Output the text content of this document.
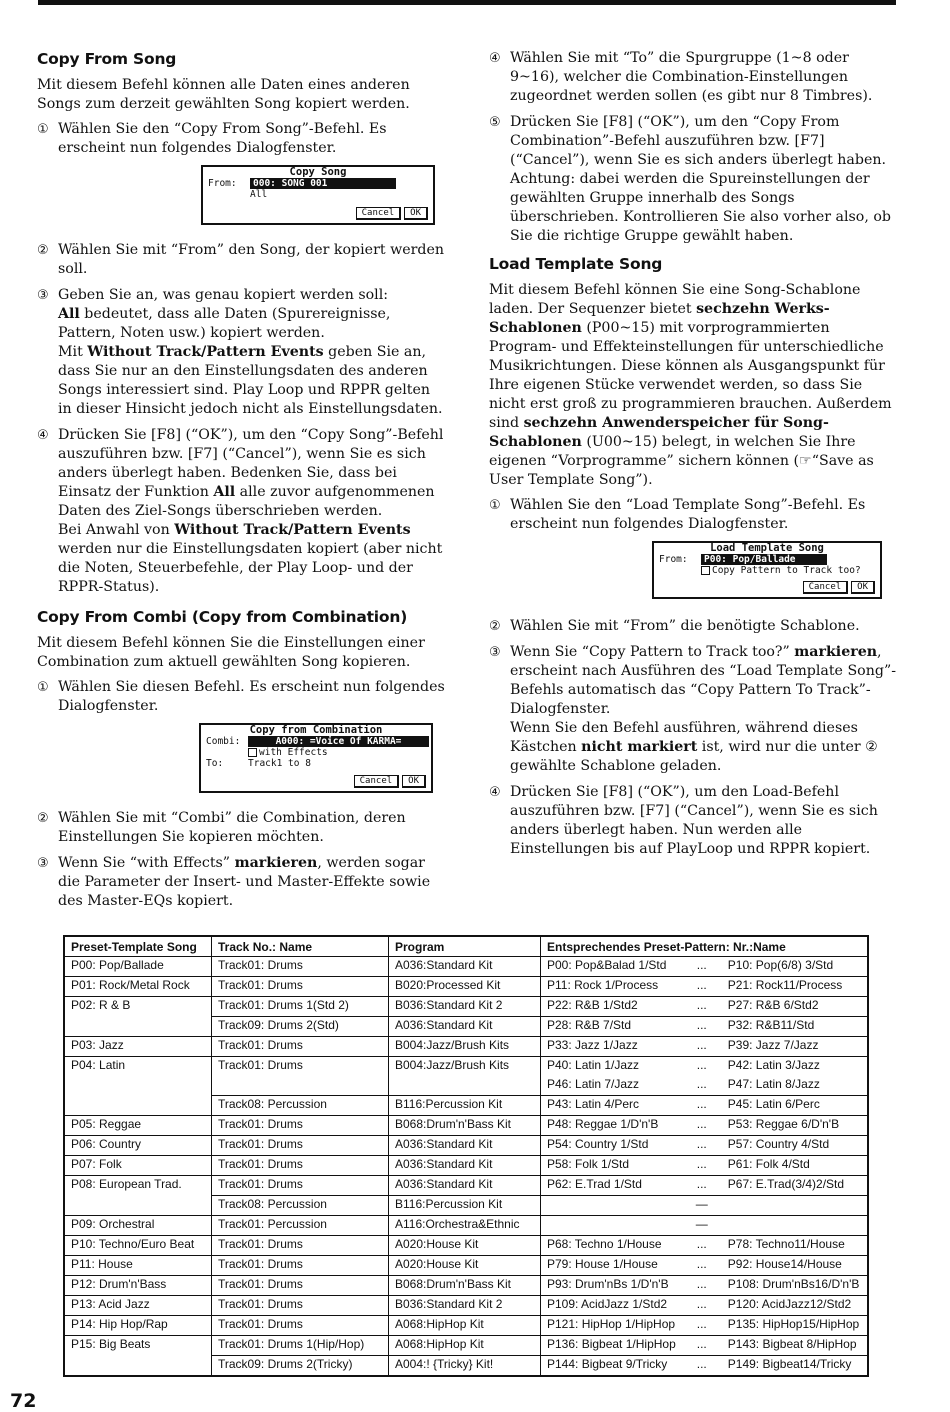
Copy From Song

Mit diesem Befehl können alle Daten eines anderen Songs zum derzeit gewählten Song kopiert werden.

① Wählen Sie den “Copy From Song”-Befehl. Es erscheint nun folgendes Dialogfenster.
Copy Song
From:	000: SONG 001
All
Cancel	OK
② Wählen Sie mit “From” den Song, der kopiert werden soll.
③ Geben Sie an, was genau kopiert werden soll:
All bedeutet, dass alle Daten (Spurereignisse, Pattern, Noten usw.) kopiert werden.
Mit Without Track/Pattern Events geben Sie an, dass Sie nur an den Einstellungsdaten des anderen Songs interessiert sind. Play Loop und RPPR gelten in dieser Hinsicht jedoch nicht als Einstellungsdaten.
④ Drücken Sie [F8] (“OK”), um den “Copy Song”-Befehl auszuführen bzw. [F7] (“Cancel”), wenn Sie es sich anders überlegt haben. Bedenken Sie, dass bei Einsatz der Funktion All alle zuvor aufgenommenen Daten des Ziel-Songs überschrieben werden.
Bei Anwahl von Without Track/Pattern Events werden nur die Einstellungsdaten kopiert (aber nicht die Noten, Steuerbefehle, der Play Loop- und der RPPR-Status).
Copy From Combi (Copy from Combination)

Mit diesem Befehl können Sie die Einstellungen einer Combination zum aktuell gewählten Song kopieren.

① Wählen Sie diesen Befehl. Es erscheint nun folgendes Dialogfenster.
Copy from Combination
Combi:	A000: =Voice Of KARMA=
with Effects
To:	Track1 to 8
Cancel	OK
② Wählen Sie mit “Combi” die Combination, deren Einstellungen Sie kopieren möchten.
③ Wenn Sie “with Effects” markieren, werden sogar die Parameter der Insert- und Master-Effekte sowie des Master-EQs kopiert.
④ Wählen Sie mit “To” die Spurgruppe (1~8 oder 9~16), welcher die Combination-Einstellungen zugeordnet werden sollen (es gibt nur 8 Timbres).
⑤ Drücken Sie [F8] (“OK”), um den “Copy From Combination”-Befehl auszuführen bzw. [F7] (“Cancel”), wenn Sie es sich anders überlegt haben. Achtung: dabei werden die Spureinstellungen der gewählten Gruppe innerhalb des Songs überschrieben. Kontrollieren Sie also vorher also, ob Sie die richtige Gruppe gewählt haben.
Load Template Song

Mit diesem Befehl können Sie eine Song-Schablone laden. Der Sequenzer bietet sechzehn Werks-Schablonen (P00~15) mit vorprogrammierten Program- und Effekteinstellungen für unterschiedliche Musikrichtungen. Diese können als Ausgangspunkt für Ihre eigenen Stücke verwendet werden, so dass Sie nicht erst groß zu programmieren brauchen. Außerdem sind sechzehn Anwenderspeicher für Song-Schablonen (U00~15) belegt, in welchen Sie Ihre eigenen “Vorprogramme” sichern können (☞“Save as User Template Song”).

① Wählen Sie den “Load Template Song”-Befehl. Es erscheint nun folgendes Dialogfenster.
Load Template Song
From:	P00: Pop/Ballade
Copy Pattern to Track too?
Cancel	OK
② Wählen Sie mit “From” die benötigte Schablone.
③ Wenn Sie “Copy Pattern to Track too?” markieren, erscheint nach Ausführen des “Load Template Song”-Befehls automatisch das “Copy Pattern To Track”-Dialogfenster.
Wenn Sie den Befehl ausführen, während dieses Kästchen nicht markiert ist, wird nur die unter ② gewählte Schablone geladen.
④ Drücken Sie [F8] (“OK”), um den Load-Befehl auszuführen bzw. [F7] (“Cancel”), wenn Sie es sich anders überlegt haben. Nun werden alle Einstellungen bis auf PlayLoop und RPPR kopiert.
Preset-Template Song	Track No.: Name	Program	Entsprechendes Preset-Pattern: Nr.:Name		
P00: Pop/Ballade	Track01: Drums	A036:Standard Kit	P00: Pop&Balad 1/Std	...	P10: Pop(6/8) 3/Std
P01: Rock/Metal Rock	Track01: Drums	B020:Processed Kit	P11: Rock 1/Process	...	P21: Rock11/Process
P02: R & B	Track01: Drums 1(Std 2)	B036:Standard Kit 2	P22: R&B 1/Std2	...	P27: R&B 6/Std2
	Track09: Drums 2(Std)	A036:Standard Kit	P28: R&B 7/Std	...	P32: R&B11/Std
P03: Jazz	Track01: Drums	B004:Jazz/Brush Kits	P33: Jazz 1/Jazz	...	P39: Jazz 7/Jazz
P04: Latin	Track01: Drums	B004:Jazz/Brush Kits	P40: Latin 1/Jazz	...	P42: Latin 3/Jazz
			P46: Latin 7/Jazz	...	P47: Latin 8/Jazz
	Track08: Percussion	B116:Percussion Kit	P43: Latin 4/Perc	...	P45: Latin 6/Perc
P05: Reggae	Track01: Drums	B068:Drum'n'Bass Kit	P48: Reggae 1/D'n'B	...	P53: Reggae 6/D'n'B
P06: Country	Track01: Drums	A036:Standard Kit	P54: Country 1/Std	...	P57: Country 4/Std
P07: Folk	Track01: Drums	A036:Standard Kit	P58: Folk 1/Std	...	P61: Folk 4/Std
P08: European Trad.	Track01: Drums	A036:Standard Kit	P62: E.Trad 1/Std	...	P67: E.Trad(3/4)2/Std
	Track08: Percussion	B116:Percussion Kit		—	
P09: Orchestral	Track01: Percussion	A116:Orchestra&Ethnic		—	
P10: Techno/Euro Beat	Track01: Drums	A020:House Kit	P68: Techno 1/House	...	P78: Techno11/House
P11: House	Track01: Drums	A020:House Kit	P79: House 1/House	...	P92: House14/House
P12: Drum'n'Bass	Track01: Drums	B068:Drum'n'Bass Kit	P93: Drum'nBs 1/D'n'B	...	P108: Drum'nBs16/D'n'B
P13: Acid Jazz	Track01: Drums	B036:Standard Kit 2	P109: AcidJazz 1/Std2	...	P120: AcidJazz12/Std2
P14: Hip Hop/Rap	Track01: Drums	A068:HipHop Kit	P121: HipHop 1/HipHop	...	P135: HipHop15/HipHop
P15: Big Beats	Track01: Drums 1(Hip/Hop)	A068:HipHop Kit	P136: Bigbeat 1/HipHop	...	P143: Bigbeat 8/HipHop
	Track09: Drums 2(Tricky)	A004:! {Tricky} Kit!	P144: Bigbeat 9/Tricky	...	P149: Bigbeat14/Tricky
72
